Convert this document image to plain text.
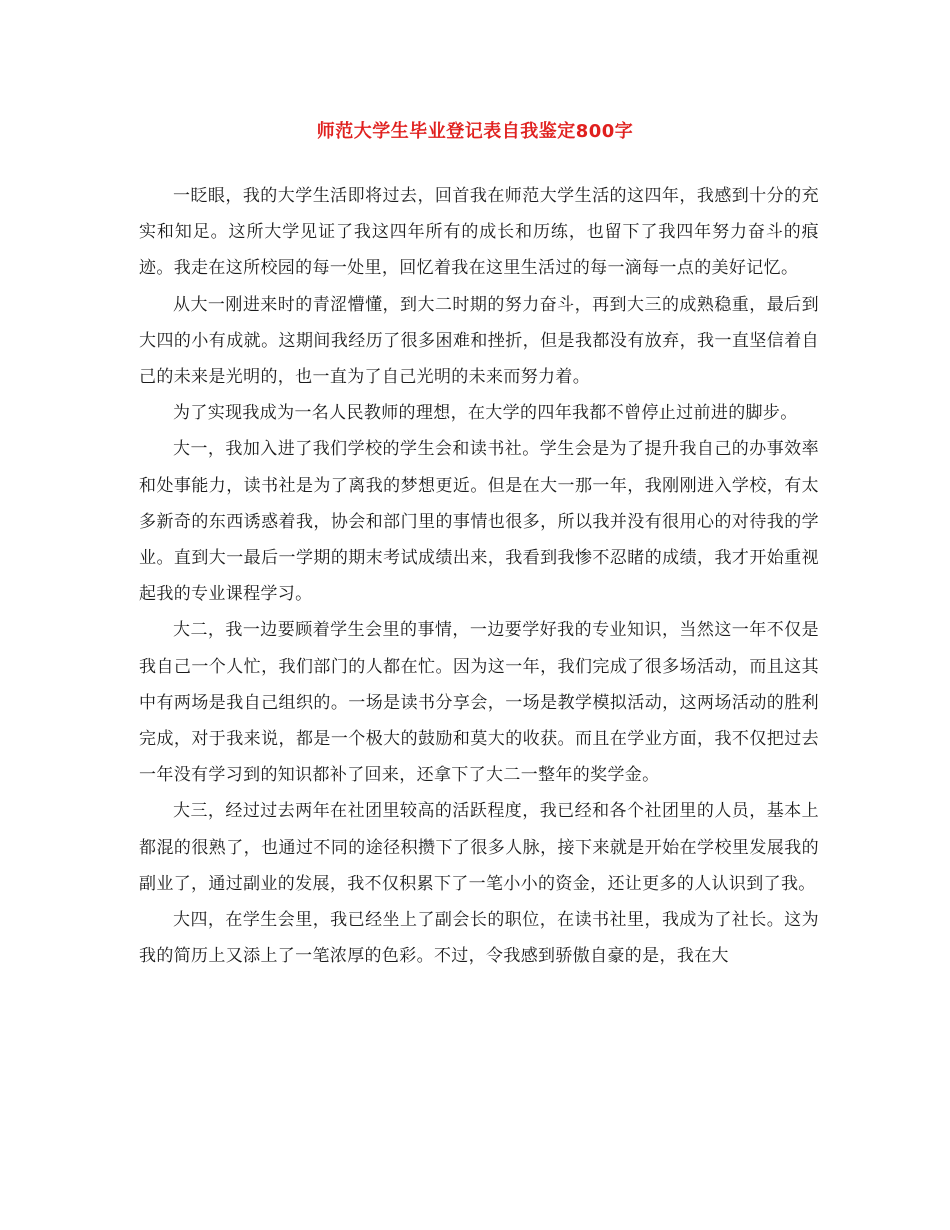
师范大学生毕业登记表自我鉴定800字

一眨眼，我的大学生活即将过去，回首我在师范大学生活的这四年，我感到十分的充实和知足。这所大学见证了我这四年所有的成长和历练，也留下了我四年努力奋斗的痕迹。我走在这所校园的每一处里，回忆着我在这里生活过的每一滴每一点的美好记忆。

从大一刚进来时的青涩懵懂，到大二时期的努力奋斗，再到大三的成熟稳重，最后到大四的小有成就。这期间我经历了很多困难和挫折，但是我都没有放弃，我一直坚信着自己的未来是光明的，也一直为了自己光明的未来而努力着。

为了实现我成为一名人民教师的理想，在大学的四年我都不曾停止过前进的脚步。

大一，我加入进了我们学校的学生会和读书社。学生会是为了提升我自己的办事效率和处事能力，读书社是为了离我的梦想更近。但是在大一那一年，我刚刚进入学校，有太多新奇的东西诱惑着我，协会和部门里的事情也很多，所以我并没有很用心的对待我的学业。直到大一最后一学期的期末考试成绩出来，我看到我惨不忍睹的成绩，我才开始重视起我的专业课程学习。

大二，我一边要顾着学生会里的事情，一边要学好我的专业知识，当然这一年不仅是我自己一个人忙，我们部门的人都在忙。因为这一年，我们完成了很多场活动，而且这其中有两场是我自己组织的。一场是读书分享会，一场是教学模拟活动，这两场活动的胜利完成，对于我来说，都是一个极大的鼓励和莫大的收获。而且在学业方面，我不仅把过去一年没有学习到的知识都补了回来，还拿下了大二一整年的奖学金。

大三，经过过去两年在社团里较高的活跃程度，我已经和各个社团里的人员，基本上都混的很熟了，也通过不同的途径积攒下了很多人脉，接下来就是开始在学校里发展我的副业了，通过副业的发展，我不仅积累下了一笔小小的资金，还让更多的人认识到了我。

大四，在学生会里，我已经坐上了副会长的职位，在读书社里，我成为了社长。这为我的简历上又添上了一笔浓厚的色彩。不过，令我感到骄傲自豪的是，我在大
